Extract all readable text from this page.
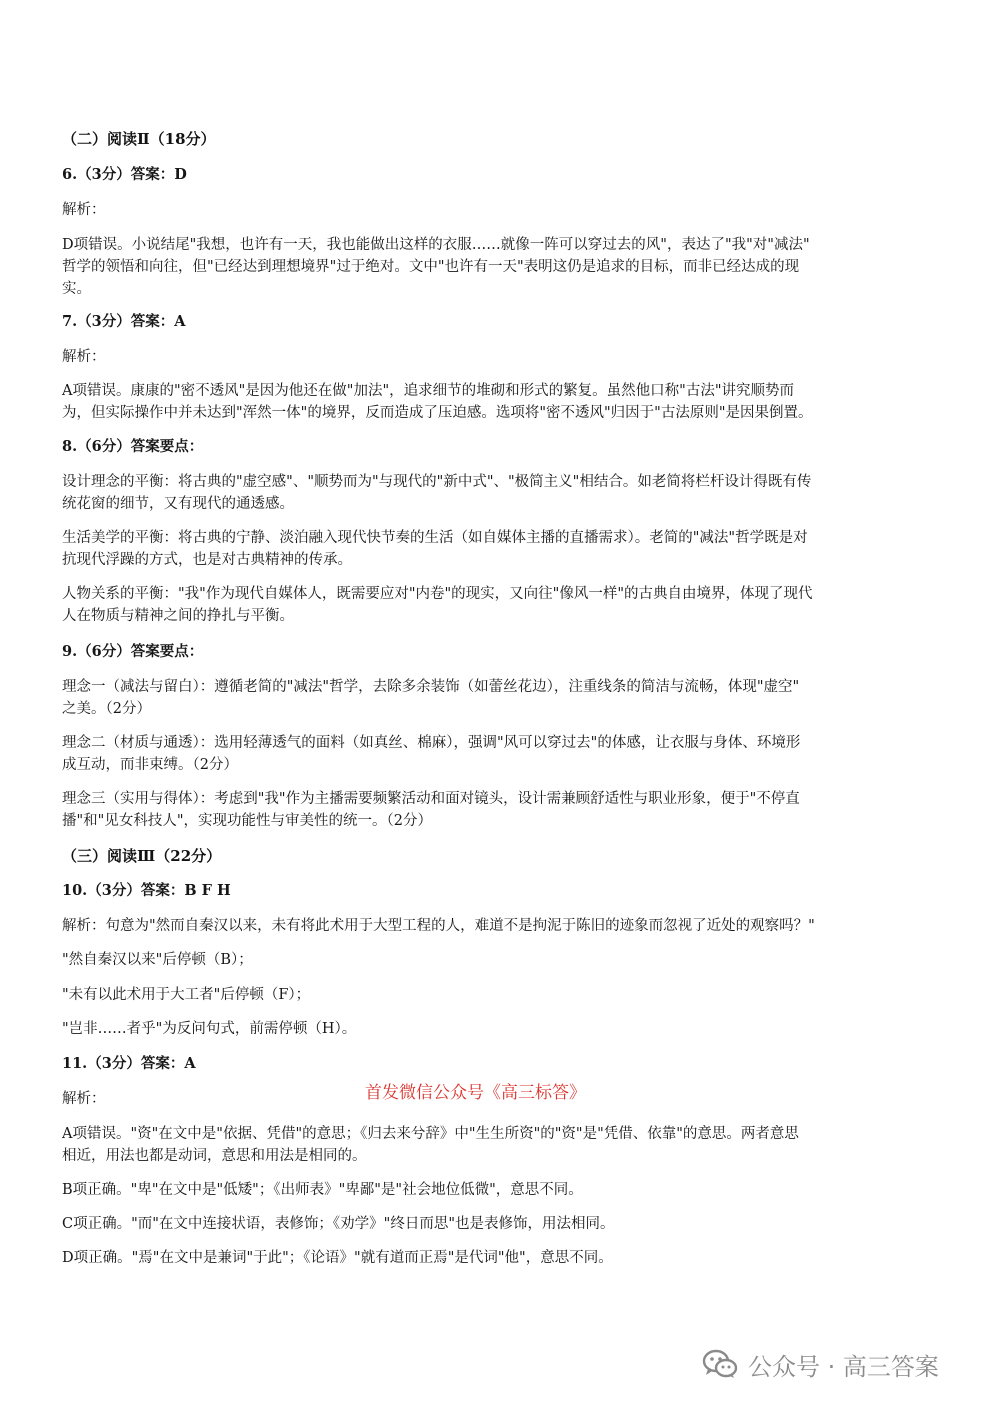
（二）阅读Ⅱ（18分）
6.（3分）答案：D
解析：
D项错误。小说结尾"我想，也许有一天，我也能做出这样的衣服……就像一阵可以穿过去的风"，表达了"我"对"减法"
哲学的领悟和向往，但"已经达到理想境界"过于绝对。文中"也许有一天"表明这仍是追求的目标，而非已经达成的现
实。
7.（3分）答案：A
解析：
A项错误。康康的"密不透风"是因为他还在做"加法"，追求细节的堆砌和形式的繁复。虽然他口称"古法"讲究顺势而
为，但实际操作中并未达到"浑然一体"的境界，反而造成了压迫感。选项将"密不透风"归因于"古法原则"是因果倒置。
8.（6分）答案要点：
设计理念的平衡：将古典的"虚空感"、"顺势而为"与现代的"新中式"、"极简主义"相结合。如老简将栏杆设计得既有传
统花窗的细节，又有现代的通透感。
生活美学的平衡：将古典的宁静、淡泊融入现代快节奏的生活（如自媒体主播的直播需求）。老简的"减法"哲学既是对
抗现代浮躁的方式，也是对古典精神的传承。
人物关系的平衡："我"作为现代自媒体人，既需要应对"内卷"的现实，又向往"像风一样"的古典自由境界，体现了现代
人在物质与精神之间的挣扎与平衡。
9.（6分）答案要点：
理念一（减法与留白）：遵循老简的"减法"哲学，去除多余装饰（如蕾丝花边），注重线条的简洁与流畅，体现"虚空"
之美。（2分）
理念二（材质与通透）：选用轻薄透气的面料（如真丝、棉麻），强调"风可以穿过去"的体感，让衣服与身体、环境形
成互动，而非束缚。（2分）
理念三（实用与得体）：考虑到"我"作为主播需要频繁活动和面对镜头，设计需兼顾舒适性与职业形象，便于"不停直
播"和"见女科技人"，实现功能性与审美性的统一。（2分）
（三）阅读Ⅲ（22分）
10.（3分）答案：B F H
解析：句意为"然而自秦汉以来，未有将此术用于大型工程的人，难道不是拘泥于陈旧的迹象而忽视了近处的观察吗？"
"然自秦汉以来"后停顿（B）；
"未有以此术用于大工者"后停顿（F）；
"岂非……者乎"为反问句式，前需停顿（H）。
11.（3分）答案：A
首发微信公众号《高三标答》
解析：
A项错误。"资"在文中是"依据、凭借"的意思；《归去来兮辞》中"生生所资"的"资"是"凭借、依靠"的意思。两者意思
相近，用法也都是动词，意思和用法是相同的。
B项正确。"卑"在文中是"低矮"；《出师表》"卑鄙"是"社会地位低微"，意思不同。
C项正确。"而"在文中连接状语，表修饰；《劝学》"终日而思"也是表修饰，用法相同。
D项正确。"焉"在文中是兼词"于此"；《论语》"就有道而正焉"是代词"他"，意思不同。
公众号 · 高三答案
